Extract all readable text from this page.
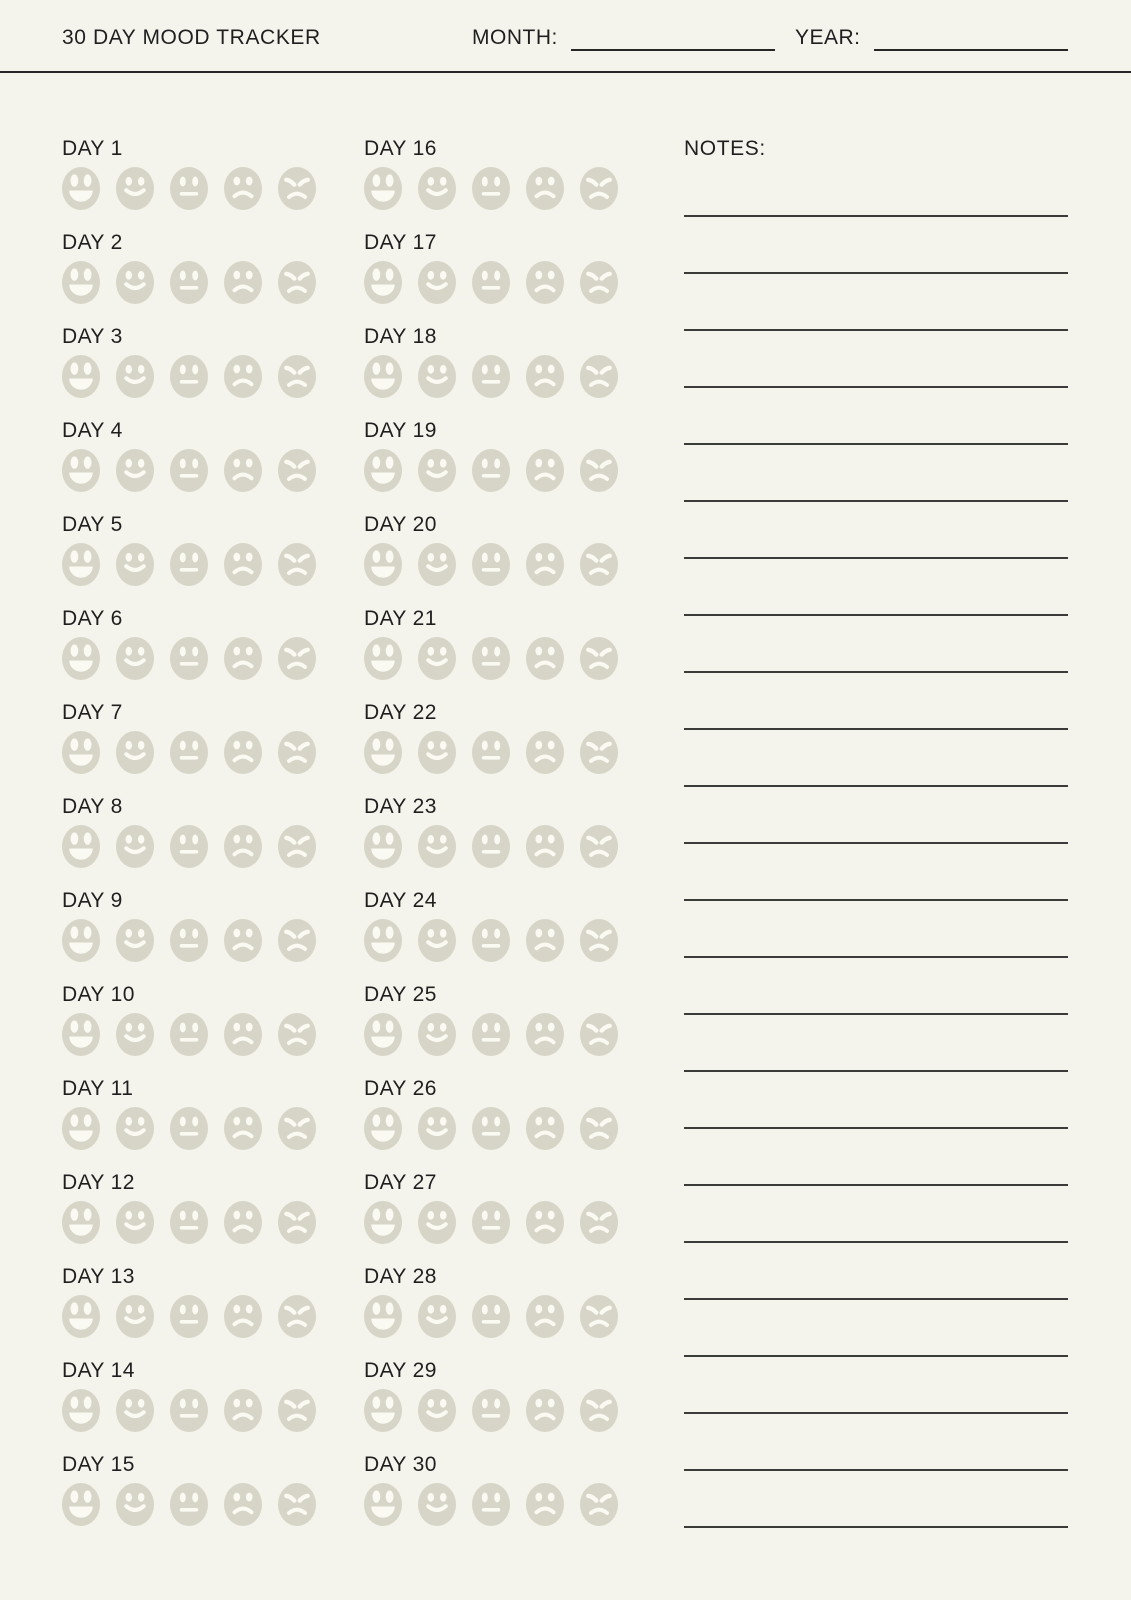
30 DAY MOOD TRACKER	MONTH:	YEAR:
DAY 1
DAY 2
DAY 3
DAY 4
DAY 5
DAY 6
DAY 7
DAY 8
DAY 9
DAY 10
DAY 11
DAY 12
DAY 13
DAY 14
DAY 15
DAY 16
DAY 17
DAY 18
DAY 19
DAY 20
DAY 21
DAY 22
DAY 23
DAY 24
DAY 25
DAY 26
DAY 27
DAY 28
DAY 29
DAY 30
NOTES:
